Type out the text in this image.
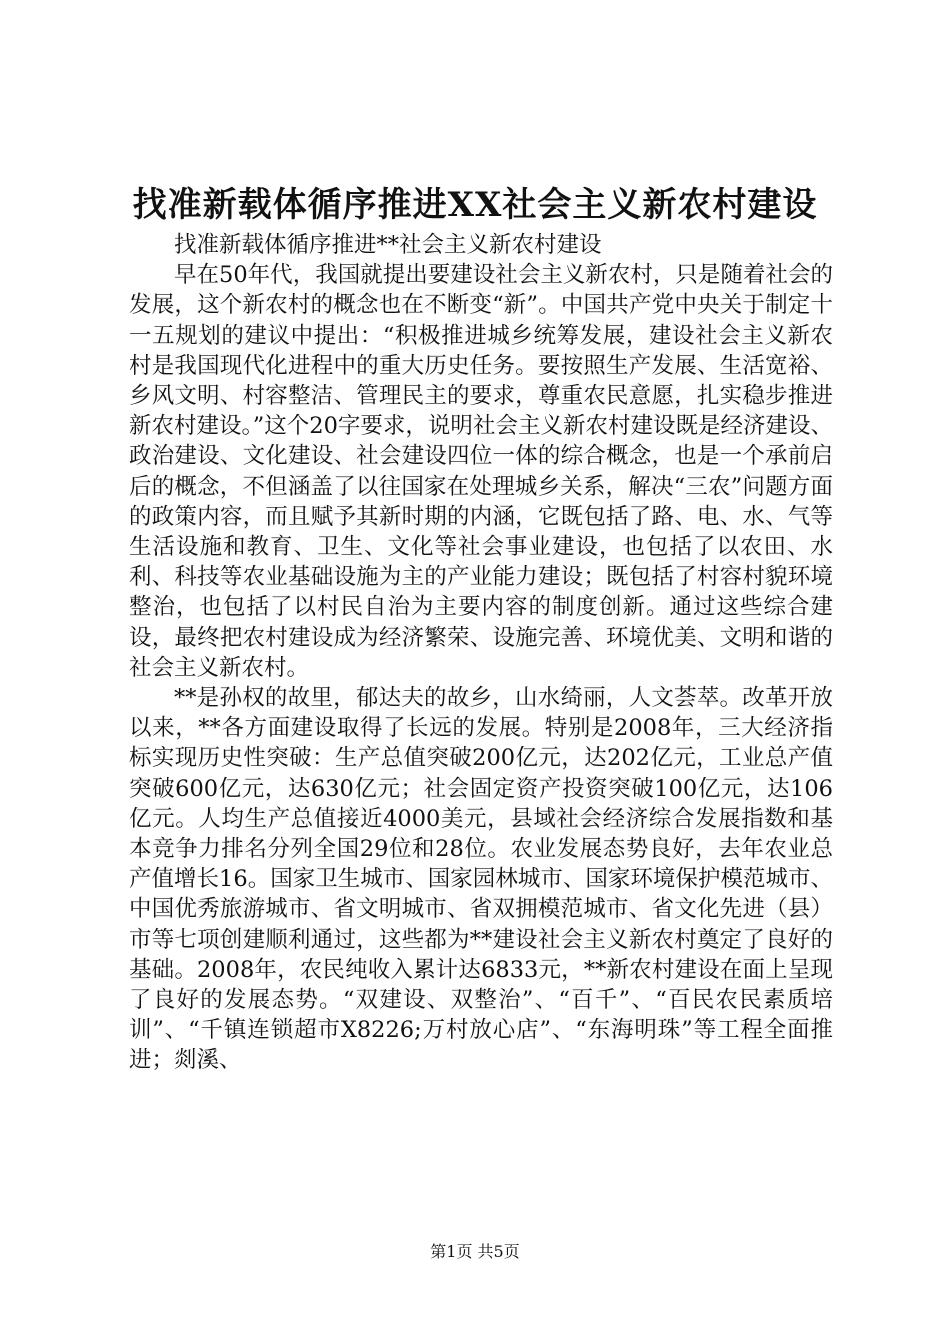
找准新载体循序推进XX社会主义新农村建设

找准新载体循序推进**社会主义新农村建设

早在50年代，我国就提出要建设社会主义新农村，只是随着社会的发展，这个新农村的概念也在不断变“新”。中国共产党中央关于制定十一五规划的建议中提出：“积极推进城乡统筹发展，建设社会主义新农村是我国现代化进程中的重大历史任务。要按照生产发展、生活宽裕、乡风文明、村容整洁、管理民主的要求，尊重农民意愿，扎实稳步推进新农村建设。”这个20字要求，说明社会主义新农村建设既是经济建设、政治建设、文化建设、社会建设四位一体的综合概念，也是一个承前启后的概念，不但涵盖了以往国家在处理城乡关系，解决“三农”问题方面的政策内容，而且赋予其新时期的内涵，它既包括了路、电、水、气等生活设施和教育、卫生、文化等社会事业建设，也包括了以农田、水利、科技等农业基础设施为主的产业能力建设；既包括了村容村貌环境整治，也包括了以村民自治为主要内容的制度创新。通过这些综合建设，最终把农村建设成为经济繁荣、设施完善、环境优美、文明和谐的社会主义新农村。

**是孙权的故里，郁达夫的故乡，山水绮丽，人文荟萃。改革开放以来，**各方面建设取得了长远的发展。特别是2008年，三大经济指标实现历史性突破：生产总值突破200亿元，达202亿元，工业总产值突破600亿元，达630亿元；社会固定资产投资突破100亿元，达106亿元。人均生产总值接近4000美元，县域社会经济综合发展指数和基本竞争力排名分列全国29位和28位。农业发展态势良好，去年农业总产值增长16。国家卫生城市、国家园林城市、国家环境保护模范城市、中国优秀旅游城市、省文明城市、省双拥模范城市、省文化先进（县）市等七项创建顺利通过，这些都为**建设社会主义新农村奠定了良好的基础。2008年，农民纯收入累计达6833元，**新农村建设在面上呈现了良好的发展态势。“双建设、双整治”、“百千”、“百民农民素质培训”、“千镇连锁超市X8226;万村放心店”、“东海明珠”等工程全面推进；剡溪、

第1页 共5页
